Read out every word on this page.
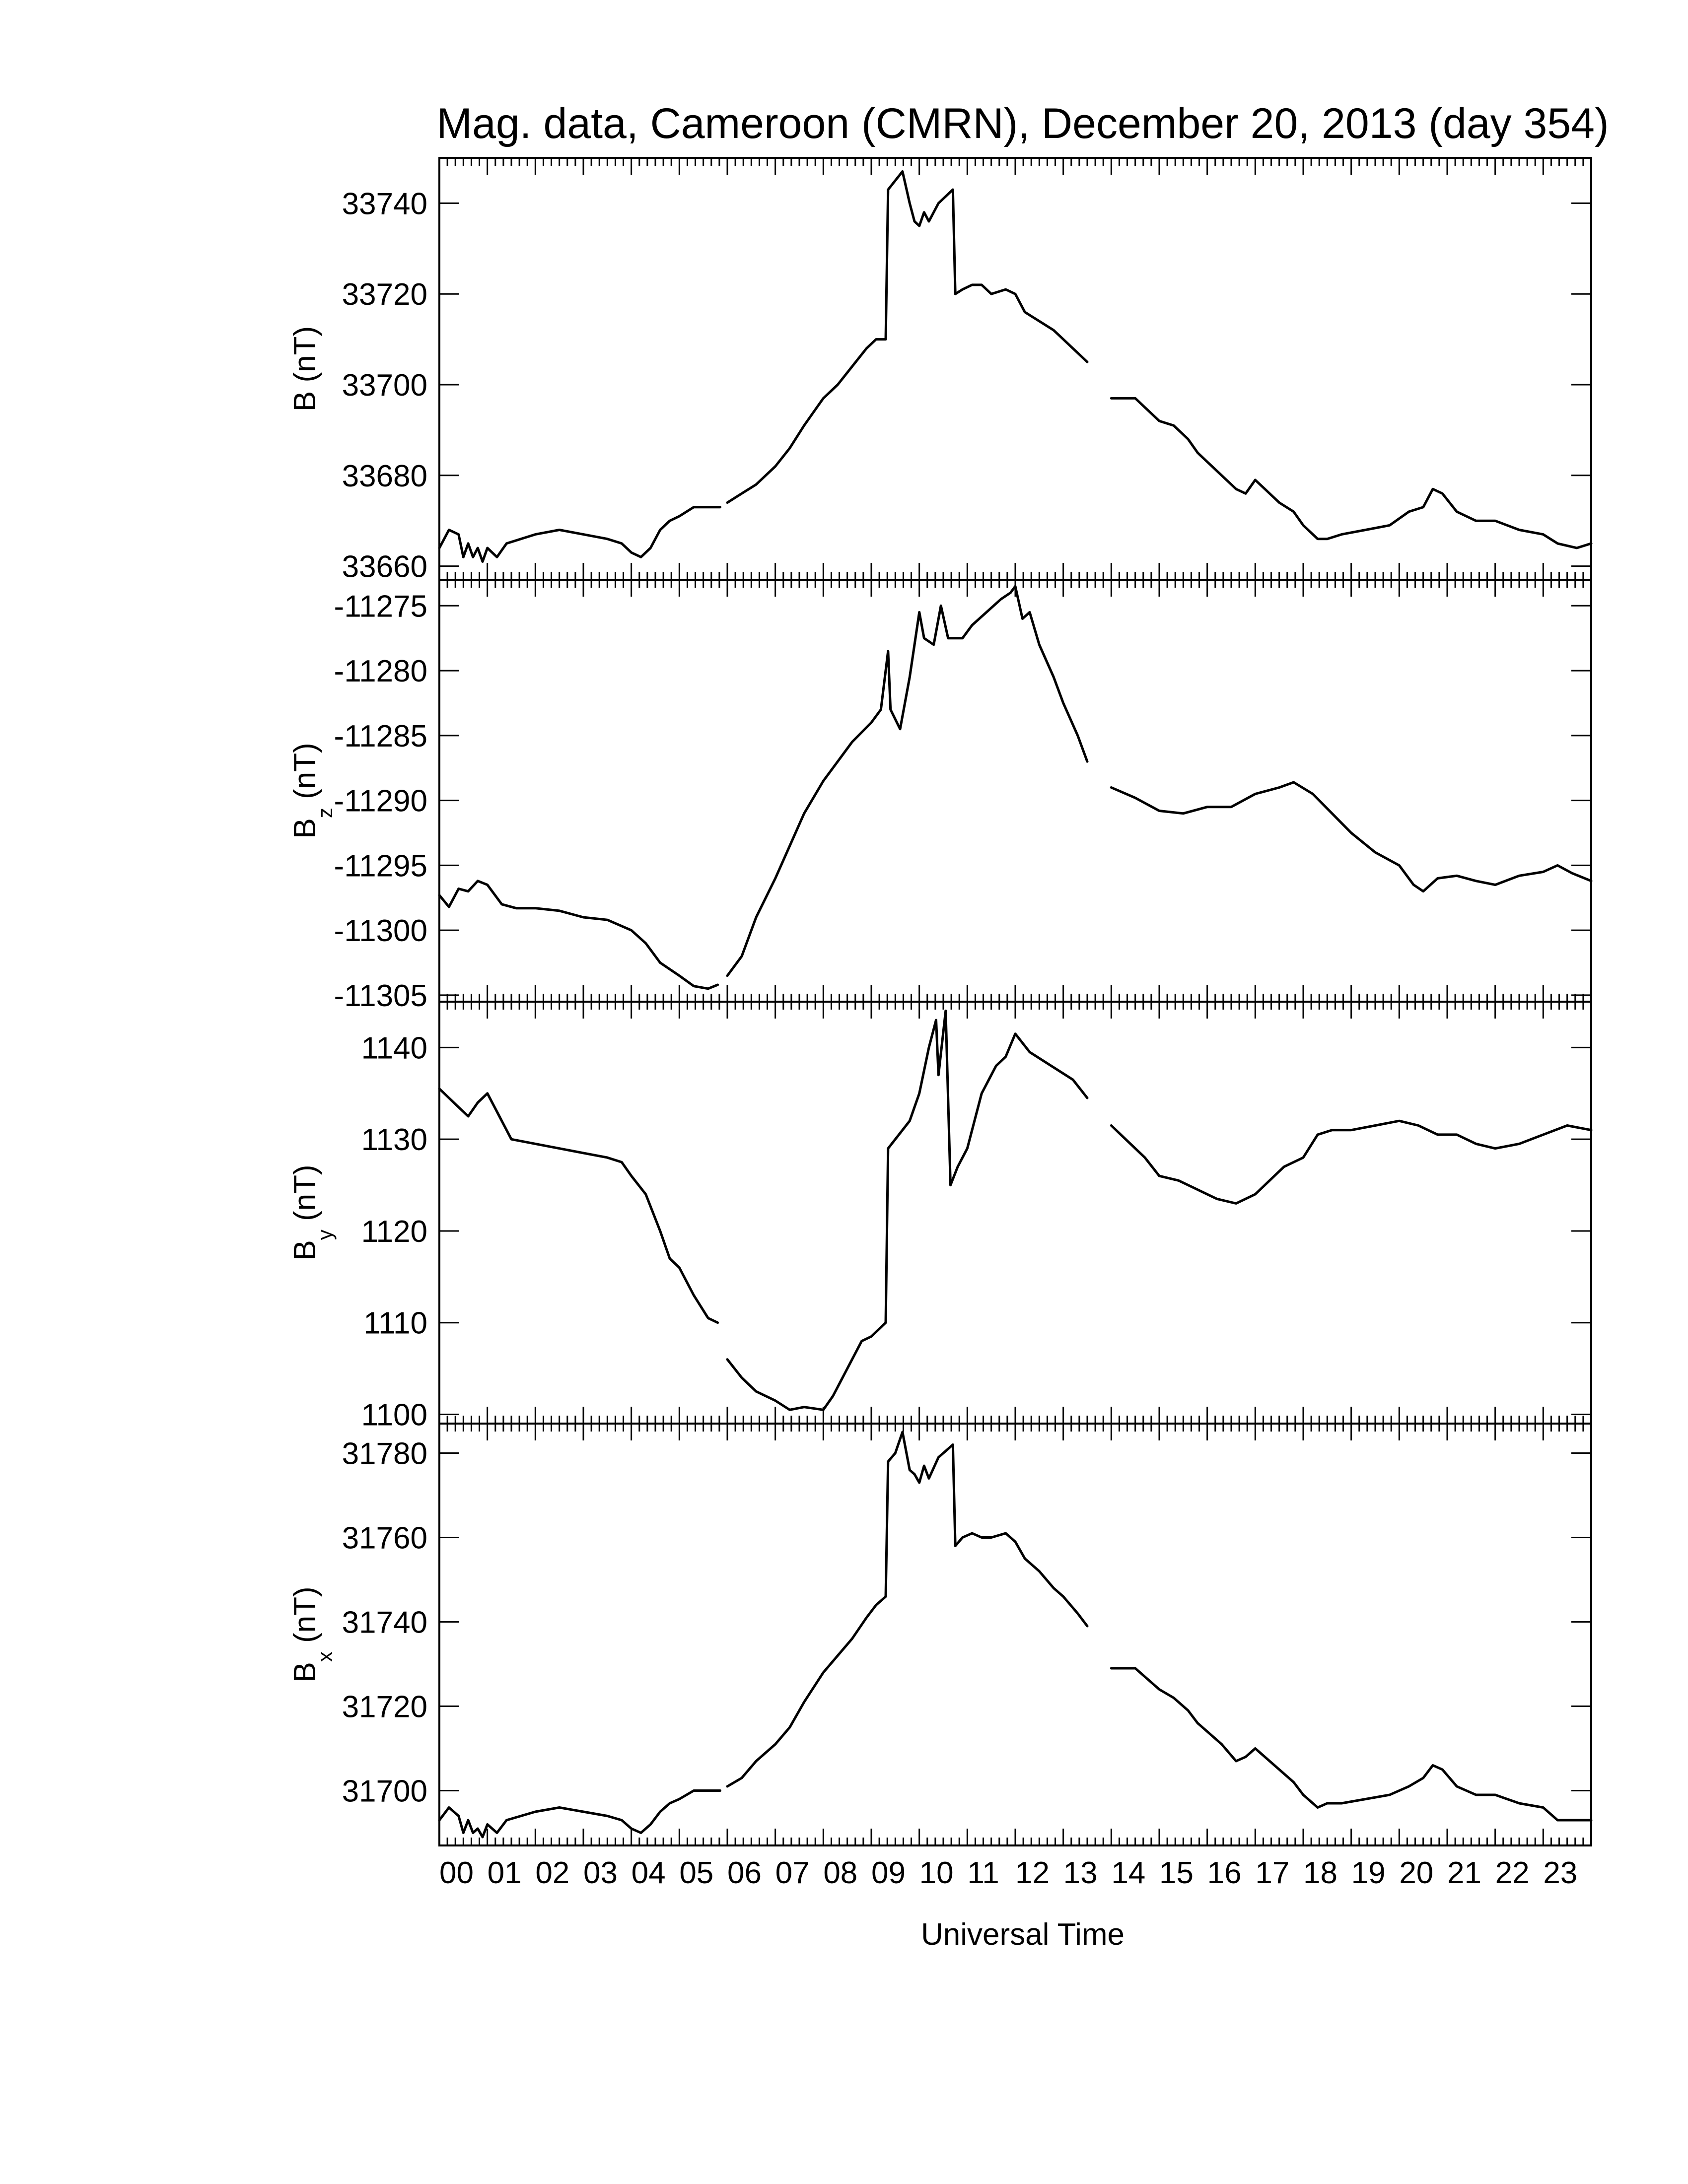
Mag. data, Cameroon (CMRN), December 20, 2013 (day 354)
33660
33680
33700
33720
33740
B (nT)
-11305
-11300
-11295
-11290
-11285
-11280
-11275
$B_z$ (nT)
1100
1110
1120
1130
1140
$B_y$ (nT)
31700
31720
31740
31760
31780
$B_x$ (nT)
00 01 02 03 04 05 06 07 08 09 10 11 12 13 14 15 16 17 18 19 20 21 22 23
Universal Time
